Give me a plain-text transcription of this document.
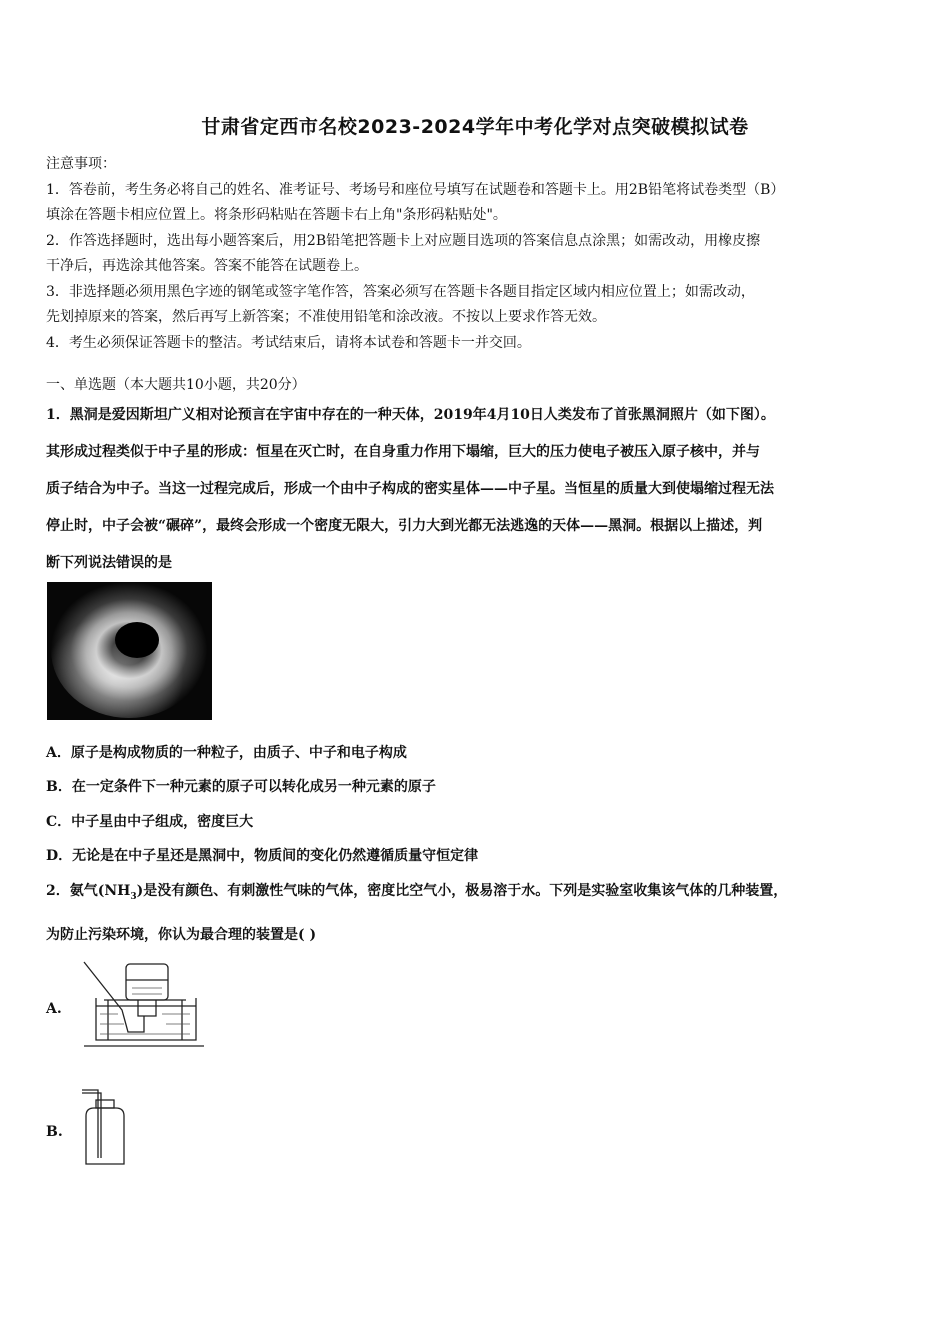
甘肃省定西市名校2023-2024学年中考化学对点突破模拟试卷

注意事项：

1．答卷前，考生务必将自己的姓名、准考证号、考场号和座位号填写在试题卷和答题卡上。用2B铅笔将试卷类型（B）

填涂在答题卡相应位置上。将条形码粘贴在答题卡右上角"条形码粘贴处"。

2．作答选择题时，选出每小题答案后，用2B铅笔把答题卡上对应题目选项的答案信息点涂黑；如需改动，用橡皮擦

干净后，再选涂其他答案。答案不能答在试题卷上。

3．非选择题必须用黑色字迹的钢笔或签字笔作答，答案必须写在答题卡各题目指定区域内相应位置上；如需改动，

先划掉原来的答案，然后再写上新答案；不准使用铅笔和涂改液。不按以上要求作答无效。

4．考生必须保证答题卡的整洁。考试结束后，请将本试卷和答题卡一并交回。

一、单选题（本大题共10小题，共20分）
1．黑洞是爱因斯坦广义相对论预言在宇宙中存在的一种天体，2019年4月10日人类发布了首张黑洞照片（如下图）。
其形成过程类似于中子星的形成：恒星在灭亡时，在自身重力作用下塌缩，巨大的压力使电子被压入原子核中，并与
质子结合为中子。当这一过程完成后，形成一个由中子构成的密实星体——中子星。当恒星的质量大到使塌缩过程无法
停止时，中子会被“碾碎”，最终会形成一个密度无限大，引力大到光都无法逃逸的天体——黑洞。根据以上描述，判
断下列说法错误的是
A．原子是构成物质的一种粒子，由质子、中子和电子构成
B．在一定条件下一种元素的原子可以转化成另一种元素的原子
C．中子星由中子组成，密度巨大
D．无论是在中子星还是黑洞中，物质间的变化仍然遵循质量守恒定律
2．氨气$(NH_3)$是没有颜色、有刺激性气味的气体，密度比空气小，极易溶于水。下列是实验室收集该气体的几种装置，
为防止污染环境，你认为最合理的装置是( )
A.
B.
